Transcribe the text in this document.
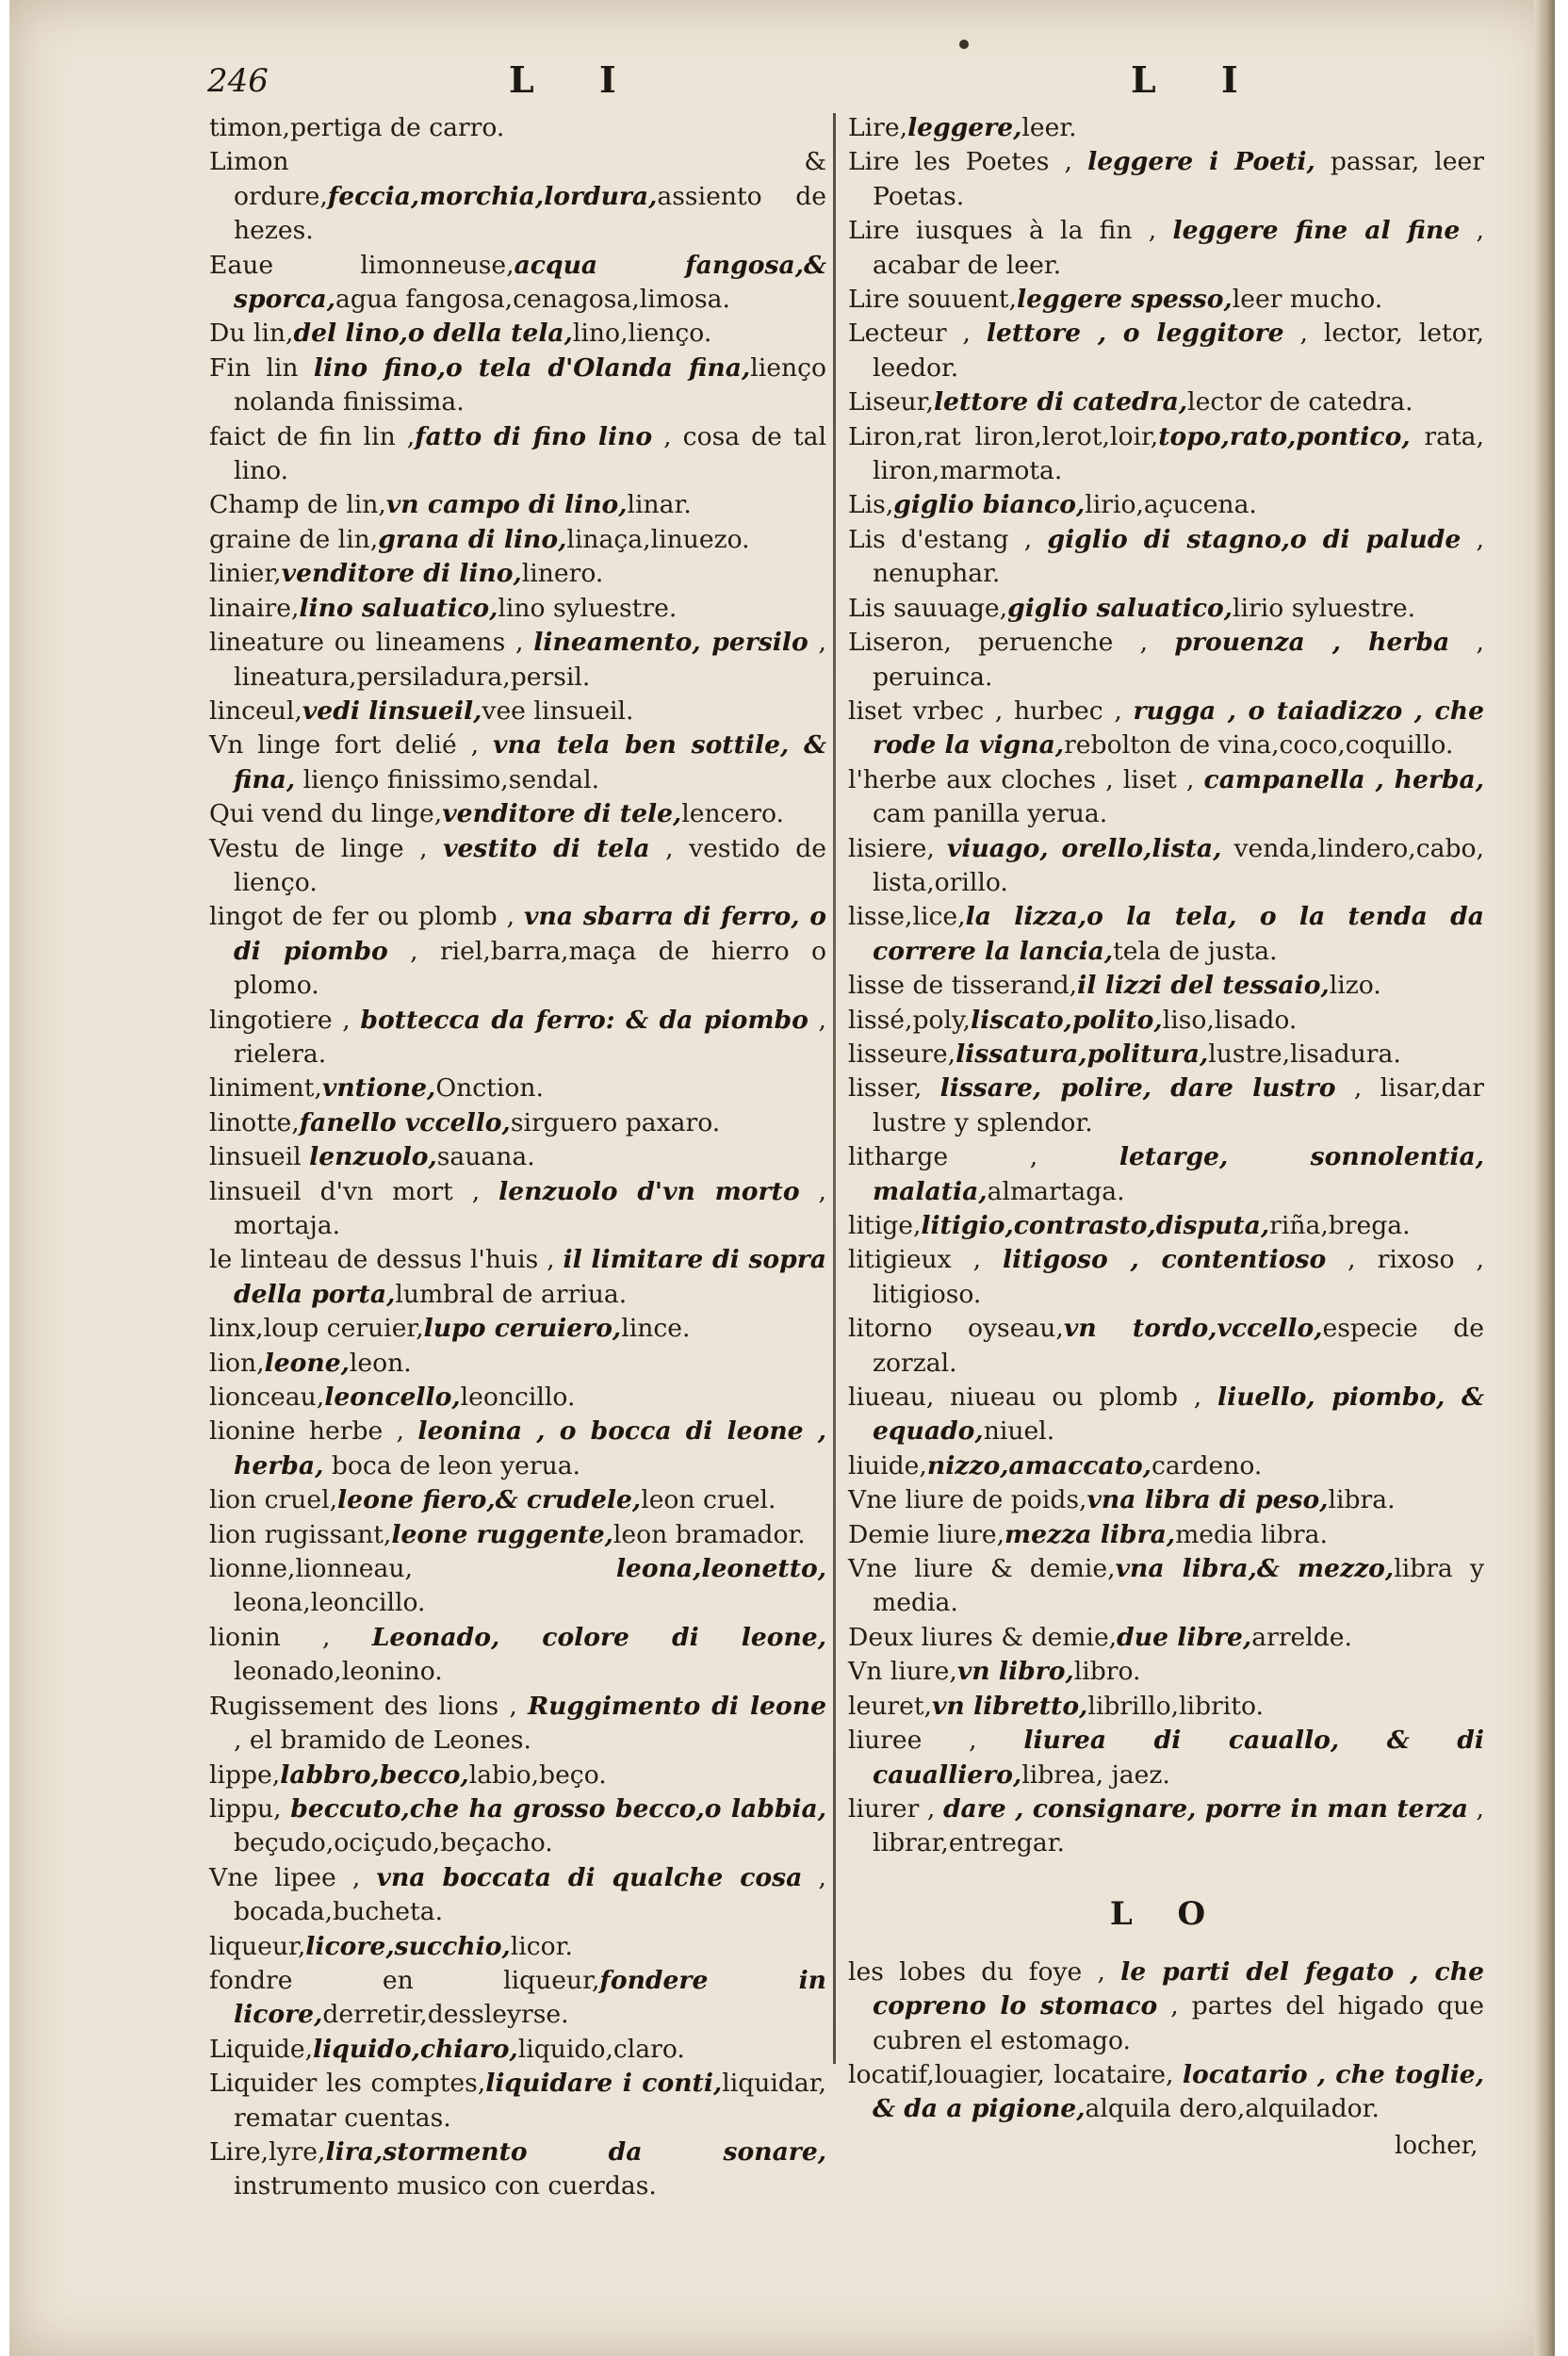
246	L I	L I

timon,pertiga de carro.

Limon & ordure,feccia,morchia,lordura,assiento de hezes.

Eaue limonneuse,acqua fangosa,& sporca,agua fangosa,cenagosa,limosa.

Du lin,del lino,o della tela,lino,lienço.

Fin lin lino fino,o tela d'Olanda fina,lienço nolanda finissima.

faict de fin lin ,fatto di fino lino , cosa de tal lino.

Champ de lin,vn campo di lino,linar.

graine de lin,grana di lino,linaça,linuezo.

linier,venditore di lino,linero.

linaire,lino saluatico,lino syluestre.

lineature ou lineamens , lineamento, persilo , lineatura,persiladura,persil.

linceul,vedi linsueil,vee linsueil.

Vn linge fort delié , vna tela ben sottile, & fina, lienço finissimo,sendal.

Qui vend du linge,venditore di tele,lencero.

Vestu de linge , vestito di tela , vestido de lienço.

lingot de fer ou plomb , vna sbarra di ferro, o di piombo , riel,barra,maça de hierro o plomo.

lingotiere , bottecca da ferro: & da piombo , rielera.

liniment,vntione,Onction.

linotte,fanello vccello,sirguero paxaro.

linsueil lenzuolo,sauana.

linsueil d'vn mort , lenzuolo d'vn morto , mortaja.

le linteau de dessus l'huis , il limitare di sopra della porta,lumbral de arriua.

linx,loup ceruier,lupo ceruiero,lince.

lion,leone,leon.

lionceau,leoncello,leoncillo.

lionine herbe , leonina , o bocca di leone , herba, boca de leon yerua.

lion cruel,leone fiero,& crudele,leon cruel.

lion rugissant,leone ruggente,leon bramador.

lionne,lionneau, leona,leonetto, leona,leoncillo.

lionin , Leonado, colore di leone, leonado,leonino.

Rugissement des lions , Ruggimento di leone , el bramido de Leones.

lippe,labbro,becco,labio,beço.

lippu, beccuto,che ha grosso becco,o labbia, beçudo,ociçudo,beçacho.

Vne lipee , vna boccata di qualche cosa , bocada,bucheta.

liqueur,licore,succhio,licor.

fondre en liqueur,fondere in licore,derretir,dessleyrse.

Liquide,liquido,chiaro,liquido,claro.

Liquider les comptes,liquidare i conti,liquidar, rematar cuentas.

Lire,lyre,lira,stormento da sonare, instrumento musico con cuerdas.

Lire,leggere,leer.

Lire les Poetes , leggere i Poeti, passar, leer Poetas.

Lire iusques à la fin , leggere fine al fine , acabar de leer.

Lire souuent,leggere spesso,leer mucho.

Lecteur , lettore , o leggitore , lector, letor, leedor.

Liseur,lettore di catedra,lector de catedra.

Liron,rat liron,lerot,loir,topo,rato,pontico, rata, liron,marmota.

Lis,giglio bianco,lirio,açucena.

Lis d'estang , giglio di stagno,o di palude , nenuphar.

Lis sauuage,giglio saluatico,lirio syluestre.

Liseron, peruenche , prouenza , herba , peruinca.

liset vrbec , hurbec , rugga , o taiadizzo , che rode la vigna,rebolton de vina,coco,coquillo.

l'herbe aux cloches , liset , campanella , herba, cam panilla yerua.

lisiere, viuago, orello,lista, venda,lindero,cabo, lista,orillo.

lisse,lice,la lizza,o la tela, o la tenda da correre la lancia,tela de justa.

lisse de tisserand,il lizzi del tessaio,lizo.

lissé,poly,liscato,polito,liso,lisado.

lisseure,lissatura,politura,lustre,lisadura.

lisser, lissare, polire, dare lustro , lisar,dar lustre y splendor.

litharge , letarge, sonnolentia, malatia,almartaga.

litige,litigio,contrasto,disputa,riña,brega.

litigieux , litigoso , contentioso , rixoso , litigioso.

litorno oyseau,vn tordo,vccello,especie de zorzal.

liueau, niueau ou plomb , liuello, piombo, & equado,niuel.

liuide,nizzo,amaccato,cardeno.

Vne liure de poids,vna libra di peso,libra.

Demie liure,mezza libra,media libra.

Vne liure & demie,vna libra,& mezzo,libra y media.

Deux liures & demie,due libre,arrelde.

Vn liure,vn libro,libro.

leuret,vn libretto,librillo,librito.

liuree , liurea di cauallo, & di caualliero,librea, jaez.

liurer , dare , consignare, porre in man terza , librar,entregar.

L O

les lobes du foye , le parti del fegato , che copreno lo stomaco , partes del higado que cubren el estomago.

locatif,louagier, locataire, locatario , che toglie, & da a pigione,alquila dero,alquilador.

locher,
